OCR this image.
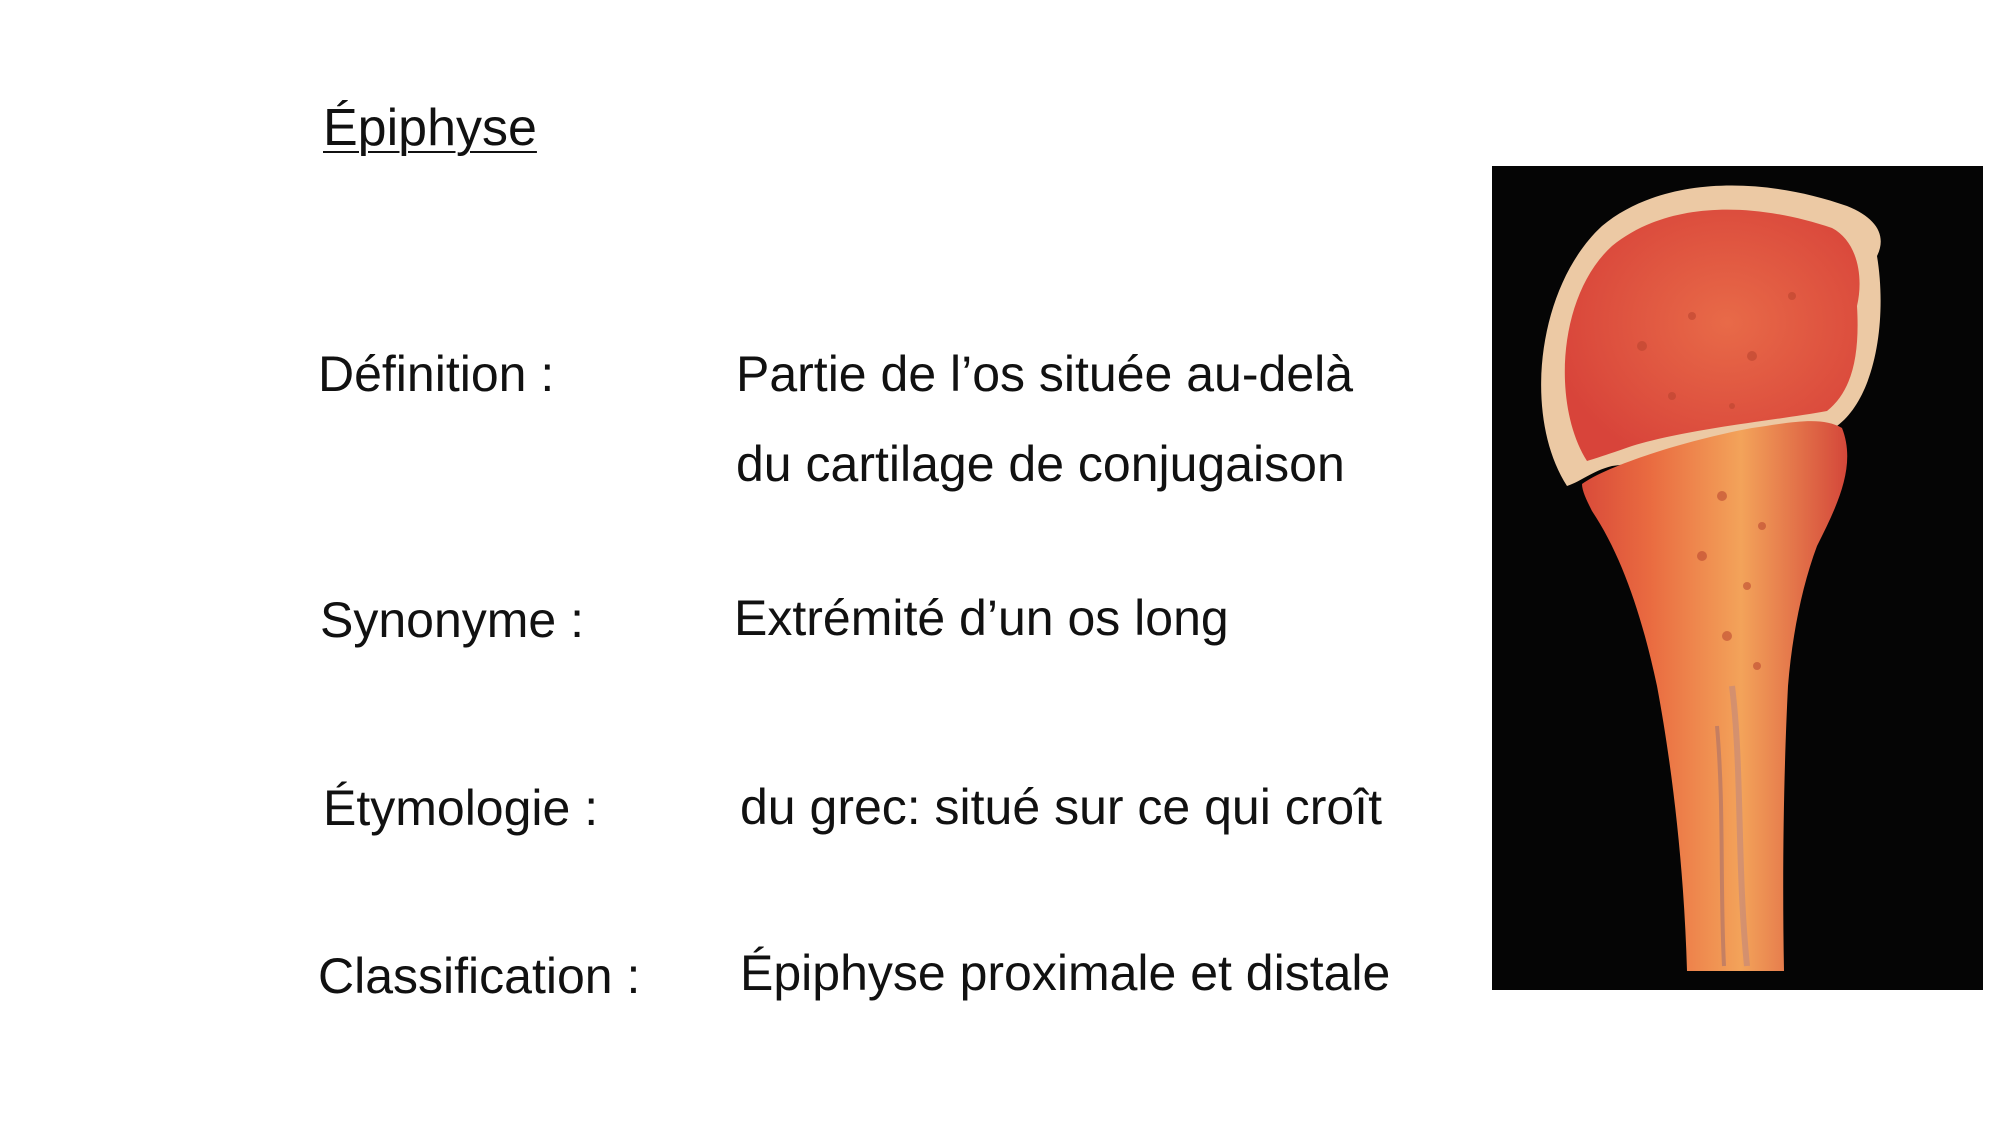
Épiphyse
Définition :	Partie de l’os située au-delà
du cartilage de conjugaison
Synonyme :	Extrémité d’un os long
Étymologie :	du grec: situé sur ce qui croît
Classification : Épiphyse proximale et distale
